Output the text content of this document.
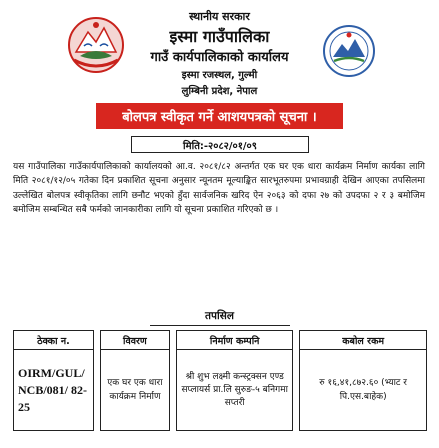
स्थानीय सरकार
इस्मा गाउँपालिका
गाउँ कार्यपालिकाको कार्यालय
इस्मा रजस्थल, गुल्मी
लुम्बिनी प्रदेश, नेपाल
बोलपत्र स्वीकृत गर्ने आशयपत्रको सूचना ।
मिति:-२०८२/०१/०९
यस गाउँपालिका गाउँकार्यपालिकाको कार्यालयको आ.व. २०८१/८२ अन्तर्गत एक घर एक धारा कार्यक्रम निर्माण कार्यका लागि मिति २०८१/१२/०५ गतेका दिन प्रकाशित सूचना अनुसार न्यूनतम मूल्याङ्कित सारभूतरुपमा प्रभावग्राही देखिन आएका तपसिलमा उल्लेखित बोलपत्र स्वीकृतिका लागि छनौट भएको हुँदा सार्वजनिक खरिद ऐन २०६३ को दफा २७ को उपदफा २ र ३ बमोजिम बमोजिम सम्बन्धित सबै फर्मको जानकारीका लागि यो सूचना प्रकाशित गरिएको छ ।
तपसिल
ठेक्का न.		विवरण		निर्माण कम्पनि		कबोल रकम
OIRM/GUL/ NCB/081/ 82-25		एक घर एक धारा कार्यक्रम निर्माण		श्री शुभ लक्ष्मी कन्स्ट्रक्सन एण्ड सप्लायर्स प्रा.लि सुरुङ-५ बनिगमा सप्तरी		रु १६,४१,८७२.६० (भ्याट र पि.एस.बाहेक)
